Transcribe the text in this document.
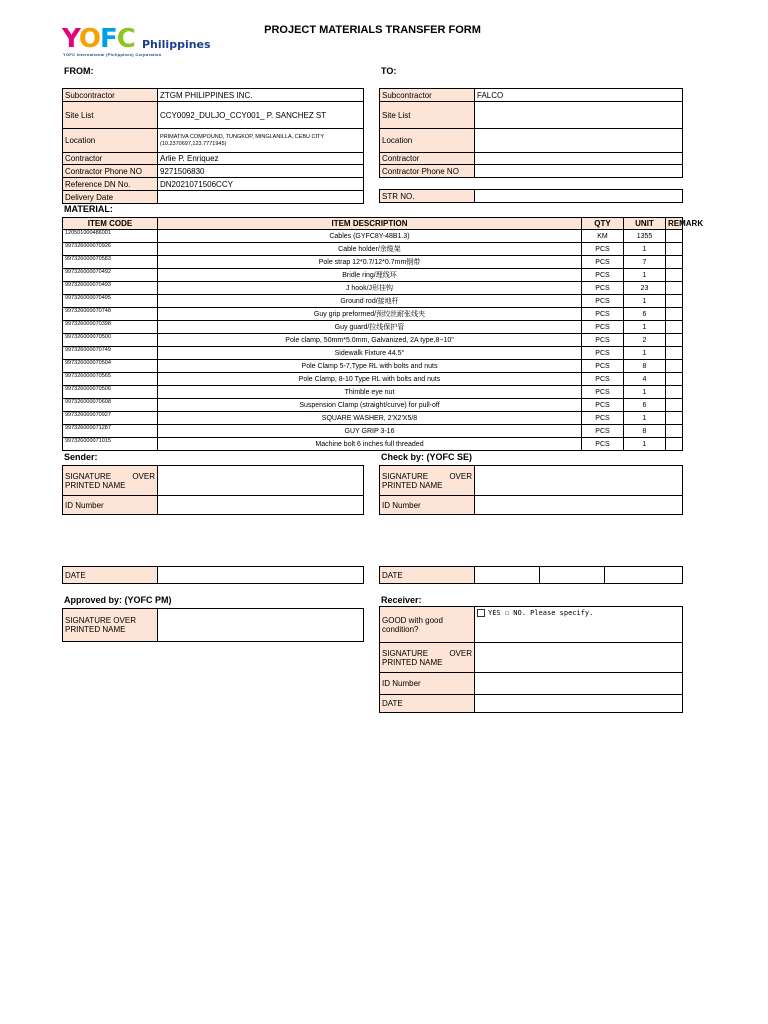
YOFC Philippines
YOFC International (Philippines) Corporation
PROJECT MATERIALS TRANSFER FORM
FROM:	TO:
Subcontractor	ZTGM PHILIPPINES INC.
Site List	CCY0092_DULJO_CCY001_ P. SANCHEZ ST
Location	PRIMATIVA COMPOUND, TUNGKOP, MINGLANILLA, CEBU CITY (10.2370697,123.7771945)
Contractor	Arlie P. Enriquez
Contractor Phone NO	9271506830
Reference DN No.	DN2021071506CCY
Delivery Date	
Subcontractor	FALCO
Site List	
Location	
Contractor	
Contractor Phone NO	
STR NO.	
MATERIAL:
ITEM CODE	ITEM DESCRIPTION	QTY	UNIT	REMARK
120501000486001	Cables (GYFC8Y-48B1.3)	KM	1355	
997326000070926	Cable holder/余缆架	PCS	1	
997326000070583	Pole strap 12*0.7/12*0.7mm钢带	PCS	7	
997326000070492	Bridle ring/理线环	PCS	1	
997326000070493	J hook/J形挂钩	PCS	23	
997326000070495	Ground rod/接地杆	PCS	1	
997326000070748	Guy grip preformed/预绞丝耐张线夹	PCS	6	
997326000070398	Guy guard/拉线保护管	PCS	1	
997326000070500	Pole clamp, 50mm*5.0mm, Galvanized, 2A type,8~10"	PCS	2	
997326000070749	Sidewalk Fixture 44.5°	PCS	1	
997326000070504	Pole Clamp 5-7,Type RL with bolts and nuts	PCS	8	
997326000070565	Pole Clamp, 8-10 Type RL with bolts and nuts	PCS	4	
997326000070506	Thimble eye nut	PCS	1	
997326000070608	Suspension Clamp (straight/curve) for pull-off	PCS	6	
997326000070927	SQUARE WASHER, 2'X2'X5/8	PCS	1	
997326000071287	GUY GRIP 3-16	PCS	8	
997326000071015	Machine bolt 6 inches full threaded	PCS	1	
Sender:	Check by: (YOFC SE)
SIGNATURE OVER
PRINTED NAME	
ID Number	
SIGNATURE OVER
PRINTED NAME	
ID Number	
DATE		DATE			
Approved by: (YOFC PM)	Receiver:
SIGNATURE OVER PRINTED NAME	
GOOD with good condition?	YES ☐ NO. Please specify.

SIGNATURE OVER
PRINTED NAME	
ID Number	
DATE	
